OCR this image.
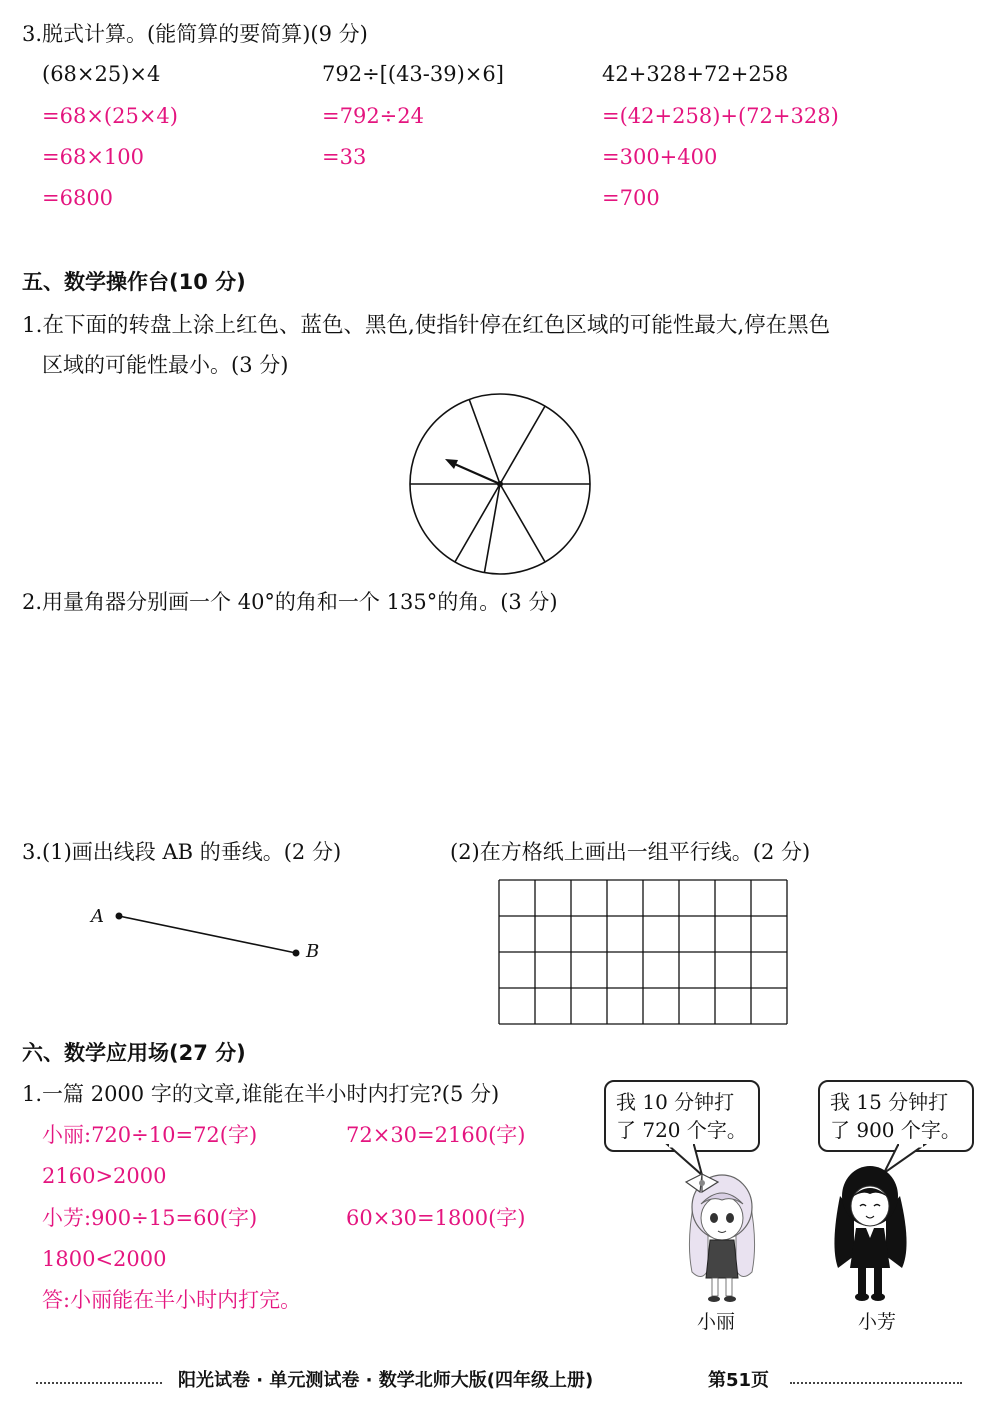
3.脱式计算。(能简算的要简算)(9 分)
(68×25)×4
=68×(25×4)
=68×100
=6800
792÷[(43-39)×6]
=792÷24
=33
42+328+72+258
=(42+258)+(72+328)
=300+400
=700
五、数学操作台(10 分)
1.在下面的转盘上涂上红色、蓝色、黑色,使指针停在红色区域的可能性最大,停在黑色
区域的可能性最小。(3 分)
2.用量角器分别画一个 40°的角和一个 135°的角。(3 分)
3.(1)画出线段 AB 的垂线。(2 分)	(2)在方格纸上画出一组平行线。(2 分)
A
B
六、数学应用场(27 分)
1.一篇 2000 字的文章,谁能在半小时内打完?(5 分)
小丽:720÷10=72(字)	72×30=2160(字)
2160>2000
小芳:900÷15=60(字)	60×30=1800(字)
1800<2000
答:小丽能在半小时内打完。
我 10 分钟打了 720 个字。
我 15 分钟打了 900 个字。
小丽	小芳
阳光试卷 · 单元测试卷 · 数学北师大版(四年级上册)	第51页
